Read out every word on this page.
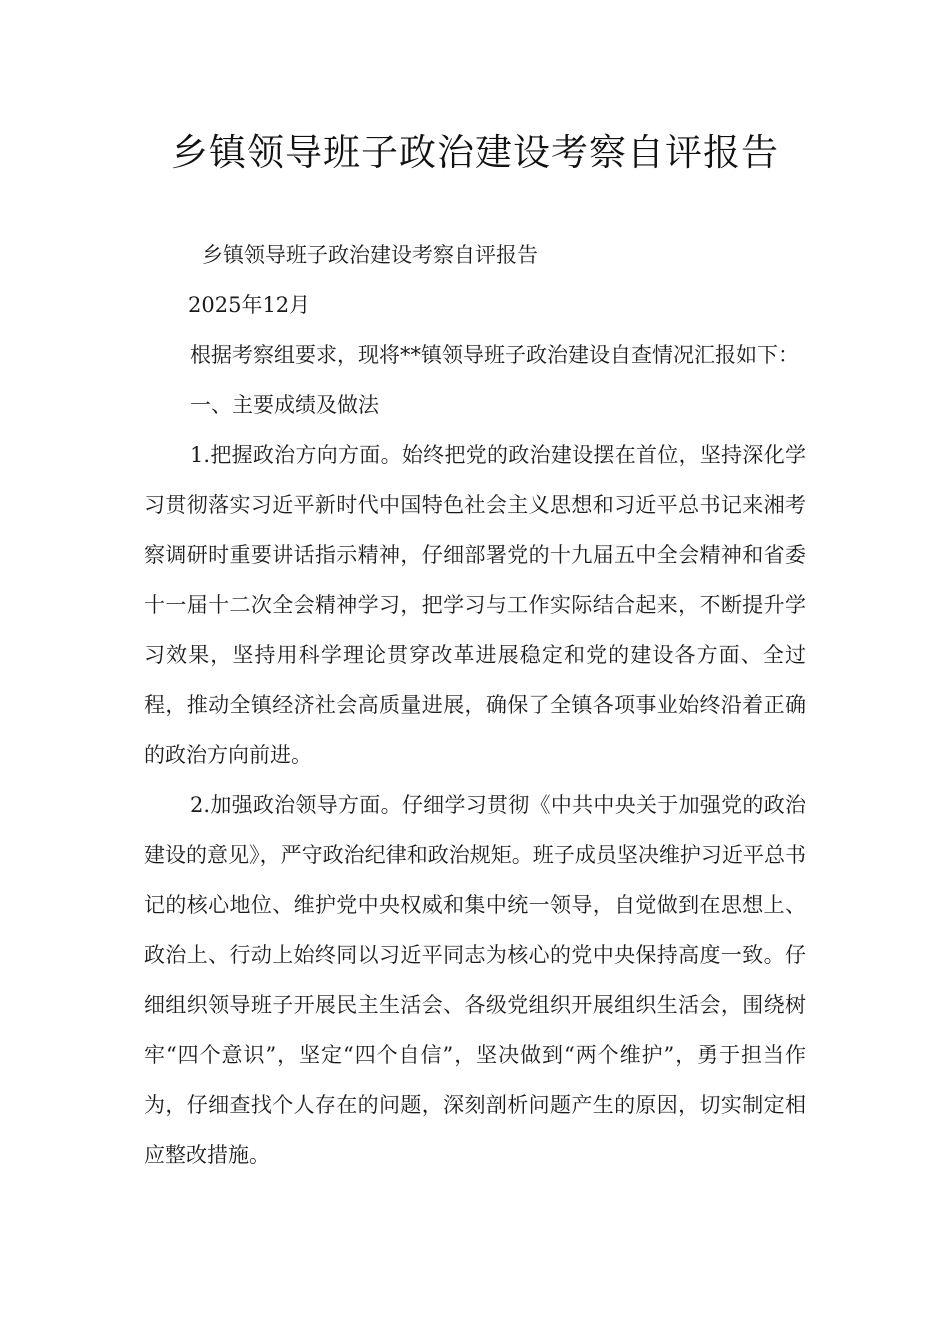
乡镇领导班子政治建设考察自评报告

乡镇领导班子政治建设考察自评报告

2025年12月

根据考察组要求，现将**镇领导班子政治建设自查情况汇报如下：

一、主要成绩及做法

1.把握政治方向方面。始终把党的政治建设摆在首位，坚持深化学习贯彻落实习近平新时代中国特色社会主义思想和习近平总书记来湘考察调研时重要讲话指示精神，仔细部署党的十九届五中全会精神和省委十一届十二次全会精神学习，把学习与工作实际结合起来，不断提升学习效果，坚持用科学理论贯穿改革进展稳定和党的建设各方面、全过程，推动全镇经济社会高质量进展，确保了全镇各项事业始终沿着正确的政治方向前进。

2.加强政治领导方面。仔细学习贯彻《中共中央关于加强党的政治建设的意见》，严守政治纪律和政治规矩。班子成员坚决维护习近平总书记的核心地位、维护党中央权威和集中统一领导，自觉做到在思想上、政治上、行动上始终同以习近平同志为核心的党中央保持高度一致。仔细组织领导班子开展民主生活会、各级党组织开展组织生活会，围绕树牢“四个意识”，坚定“四个自信”，坚决做到“两个维护”，勇于担当作为，仔细查找个人存在的问题，深刻剖析问题产生的原因，切实制定相应整改措施。
